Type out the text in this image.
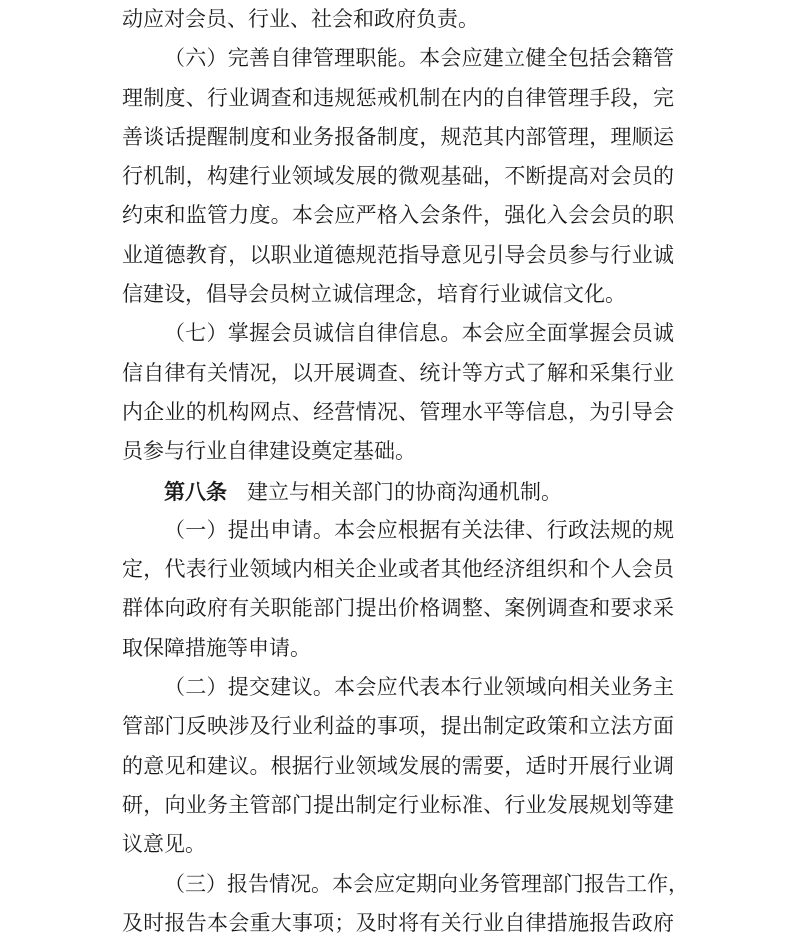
动应对会员、行业、社会和政府负责。
（六）完善自律管理职能。本会应建立健全包括会籍管
理制度、行业调查和违规惩戒机制在内的自律管理手段，完
善谈话提醒制度和业务报备制度，规范其内部管理，理顺运
行机制，构建行业领域发展的微观基础，不断提高对会员的
约束和监管力度。本会应严格入会条件，强化入会会员的职
业道德教育，以职业道德规范指导意见引导会员参与行业诚
信建设，倡导会员树立诚信理念，培育行业诚信文化。
（七）掌握会员诚信自律信息。本会应全面掌握会员诚
信自律有关情况，以开展调查、统计等方式了解和采集行业
内企业的机构网点、经营情况、管理水平等信息，为引导会
员参与行业自律建设奠定基础。
第八条 建立与相关部门的协商沟通机制。
（一）提出申请。本会应根据有关法律、行政法规的规
定，代表行业领域内相关企业或者其他经济组织和个人会员
群体向政府有关职能部门提出价格调整、案例调查和要求采
取保障措施等申请。
（二）提交建议。本会应代表本行业领域向相关业务主
管部门反映涉及行业利益的事项，提出制定政策和立法方面
的意见和建议。根据行业领域发展的需要，适时开展行业调
研，向业务主管部门提出制定行业标准、行业发展规划等建
议意见。
（三）报告情况。本会应定期向业务管理部门报告工作，
及时报告本会重大事项；及时将有关行业自律措施报告政府
